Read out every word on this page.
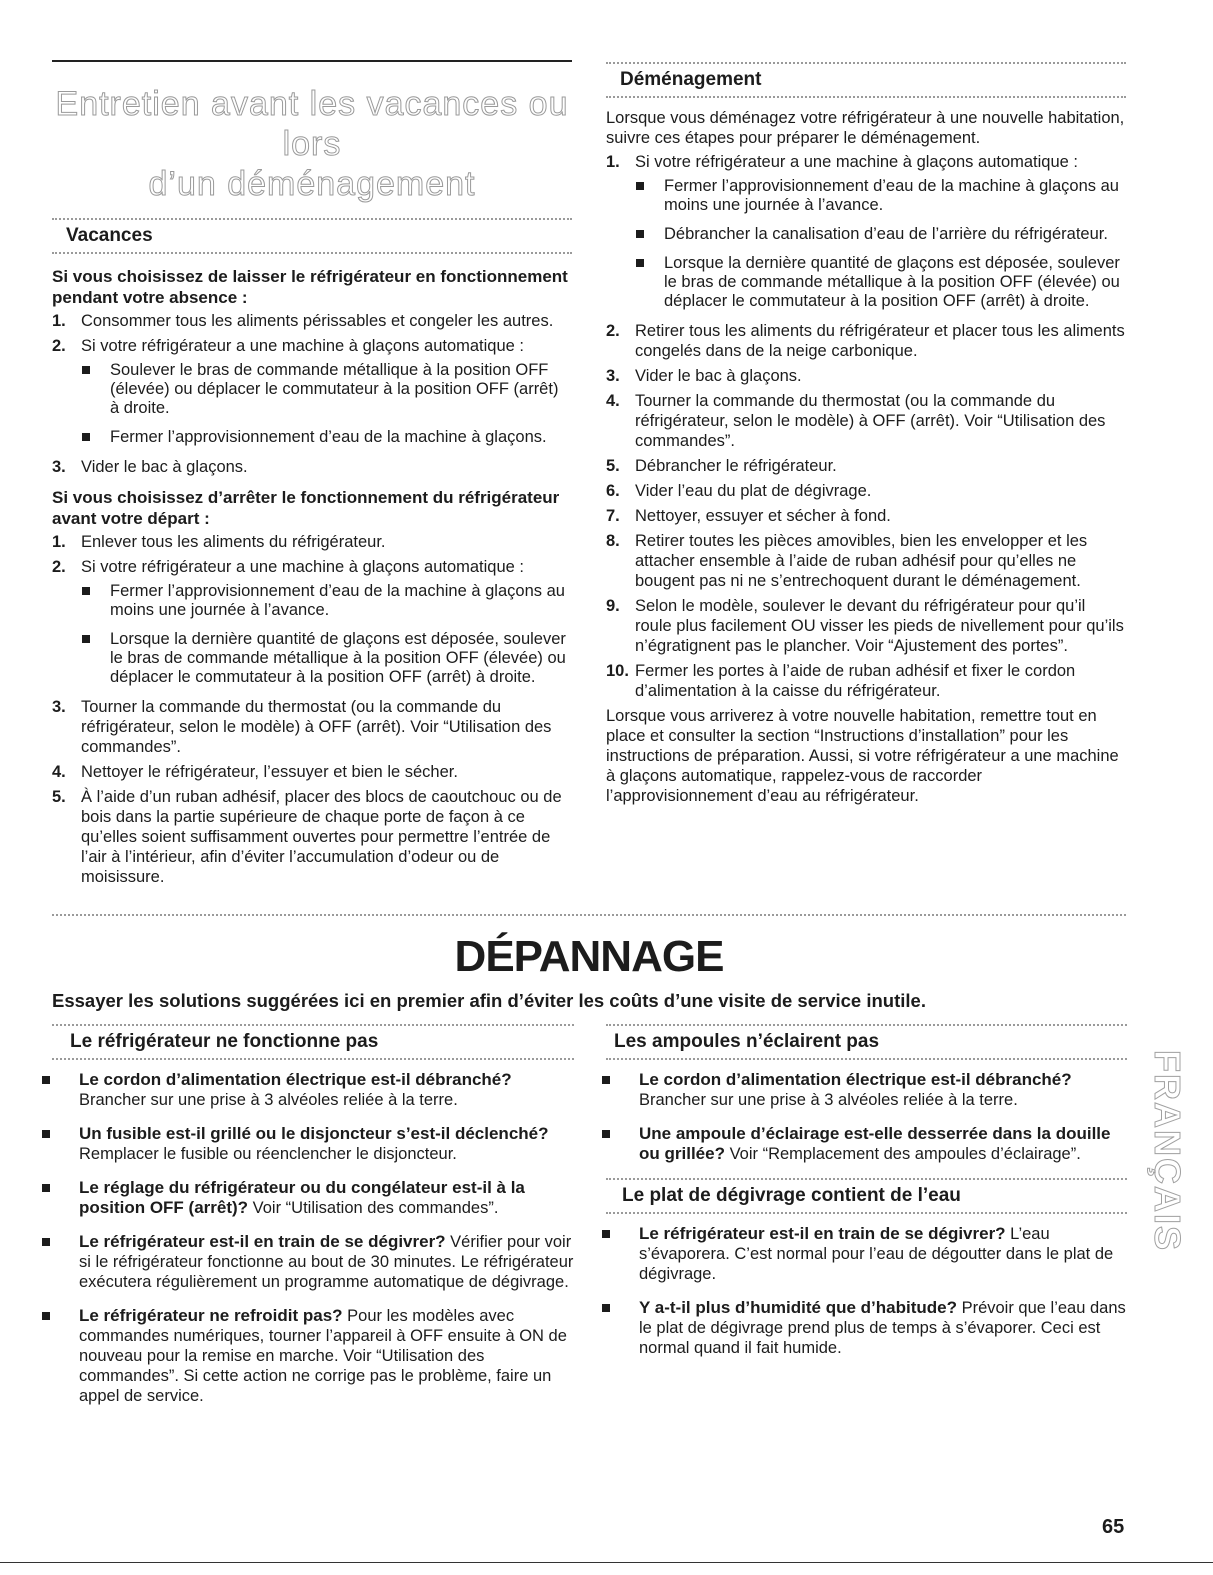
Entretien avant les vacances ou lors
d’un déménagement
Vacances
Si vous choisissez de laisser le réfrigérateur en fonctionnement pendant votre absence :
1. Consommer tous les aliments périssables et congeler les autres.
2. Si votre réfrigérateur a une machine à glaçons automatique :
Soulever le bras de commande métallique à la position OFF (élevée) ou déplacer le commutateur à la position OFF (arrêt) à droite.
Fermer l’approvisionnement d’eau de la machine à glaçons.
3. Vider le bac à glaçons.
Si vous choisissez d’arrêter le fonctionnement du réfrigérateur avant votre départ :
1. Enlever tous les aliments du réfrigérateur.
2. Si votre réfrigérateur a une machine à glaçons automatique :
Fermer l’approvisionnement d’eau de la machine à glaçons au moins une journée à l’avance.
Lorsque la dernière quantité de glaçons est déposée, soulever le bras de commande métallique à la position OFF (élevée) ou déplacer le commutateur à la position OFF (arrêt) à droite.
3. Tourner la commande du thermostat (ou la commande du réfrigérateur, selon le modèle) à OFF (arrêt). Voir “Utilisation des commandes”.
4. Nettoyer le réfrigérateur, l’essuyer et bien le sécher.
5. À l’aide d’un ruban adhésif, placer des blocs de caoutchouc ou de bois dans la partie supérieure de chaque porte de façon à ce qu’elles soient suffisamment ouvertes pour permettre l’entrée de l’air à l’intérieur, afin d’éviter l’accumulation d’odeur ou de moisissure.
Déménagement

Lorsque vous déménagez votre réfrigérateur à une nouvelle habitation, suivre ces étapes pour préparer le déménagement.

1. Si votre réfrigérateur a une machine à glaçons automatique :
Fermer l’approvisionnement d’eau de la machine à glaçons au moins une journée à l’avance.
Débrancher la canalisation d’eau de l’arrière du réfrigérateur.
Lorsque la dernière quantité de glaçons est déposée, soulever le bras de commande métallique à la position OFF (élevée) ou déplacer le commutateur à la position OFF (arrêt) à droite.
2. Retirer tous les aliments du réfrigérateur et placer tous les aliments congelés dans de la neige carbonique.
3. Vider le bac à glaçons.
4. Tourner la commande du thermostat (ou la commande du réfrigérateur, selon le modèle) à OFF (arrêt). Voir “Utilisation des commandes”.
5. Débrancher le réfrigérateur.
6. Vider l’eau du plat de dégivrage.
7. Nettoyer, essuyer et sécher à fond.
8. Retirer toutes les pièces amovibles, bien les envelopper et les attacher ensemble à l’aide de ruban adhésif pour qu’elles ne bougent pas ni ne s’entrechoquent durant le déménagement.
9. Selon le modèle, soulever le devant du réfrigérateur pour qu’il roule plus facilement OU visser les pieds de nivellement pour qu’ils n’égratignent pas le plancher. Voir “Ajustement des portes”.
10. Fermer les portes à l’aide de ruban adhésif et fixer le cordon d’alimentation à la caisse du réfrigérateur.

Lorsque vous arriverez à votre nouvelle habitation, remettre tout en place et consulter la section “Instructions d’installation” pour les instructions de préparation. Aussi, si votre réfrigérateur a une machine à glaçons automatique, rappelez-vous de raccorder l’approvisionnement d’eau au réfrigérateur.

DÉPANNAGE
Essayer les solutions suggérées ici en premier afin d’éviter les coûts d’une visite de service inutile.
Le réfrigérateur ne fonctionne pas
Le cordon d’alimentation électrique est-il débranché?
Brancher sur une prise à 3 alvéoles reliée à la terre.
Un fusible est-il grillé ou le disjoncteur s’est-il déclenché?
Remplacer le fusible ou réenclencher le disjoncteur.
Le réglage du réfrigérateur ou du congélateur est-il à la position OFF (arrêt)? Voir “Utilisation des commandes”.
Le réfrigérateur est-il en train de se dégivrer? Vérifier pour voir si le réfrigérateur fonctionne au bout de 30 minutes. Le réfrigérateur exécutera régulièrement un programme automatique de dégivrage.
Le réfrigérateur ne refroidit pas? Pour les modèles avec commandes numériques, tourner l’appareil à OFF ensuite à ON de nouveau pour la remise en marche. Voir “Utilisation des commandes”. Si cette action ne corrige pas le problème, faire un appel de service.
Les ampoules n’éclairent pas
Le cordon d’alimentation électrique est-il débranché?
Brancher sur une prise à 3 alvéoles reliée à la terre.
Une ampoule d’éclairage est-elle desserrée dans la douille ou grillée? Voir “Remplacement des ampoules d’éclairage”.
Le plat de dégivrage contient de l’eau
Le réfrigérateur est-il en train de se dégivrer? L’eau s’évaporera. C’est normal pour l’eau de dégoutter dans le plat de dégivrage.
Y a-t-il plus d’humidité que d’habitude? Prévoir que l’eau dans le plat de dégivrage prend plus de temps à s’évaporer. Ceci est normal quand il fait humide.
FRANÇAIS
65
